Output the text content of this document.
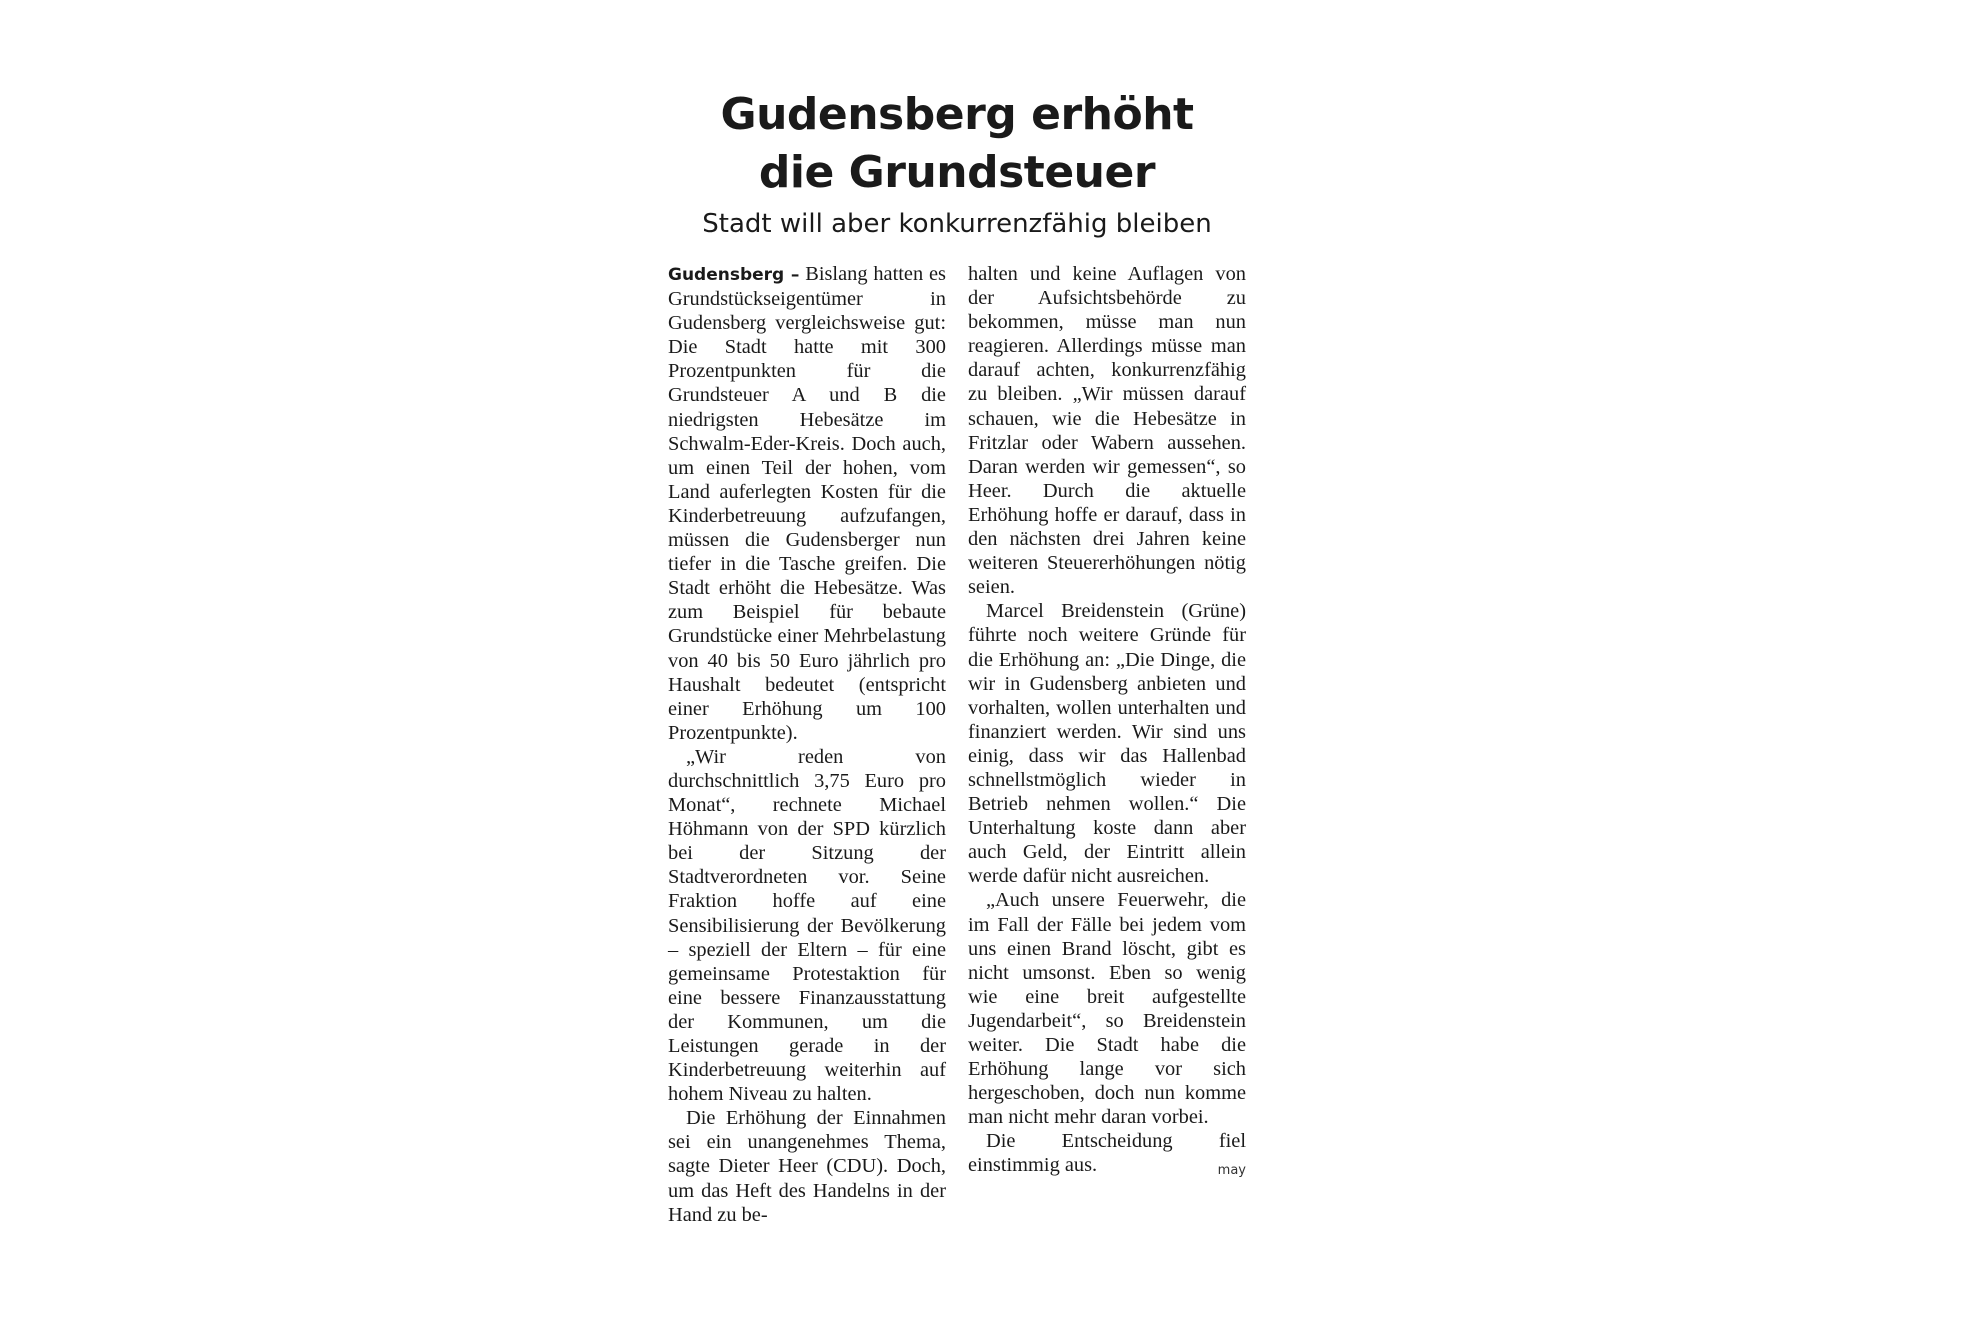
Gudensberg erhöht
die Grundsteuer
Stadt will aber konkurrenzfähig bleiben

Gudensberg – Bislang hatten es Grundstückseigentümer in Gudensberg vergleichsweise gut: Die Stadt hatte mit 300 Prozentpunkten für die Grundsteuer A und B die niedrigsten Hebesätze im Schwalm-Eder-Kreis. Doch auch, um einen Teil der hohen, vom Land auferlegten Kosten für die Kinderbetreuung aufzufangen, müssen die Gudensberger nun tiefer in die Tasche greifen. Die Stadt erhöht die Hebesätze. Was zum Beispiel für bebaute Grundstücke einer Mehrbelastung von 40 bis 50 Euro jährlich pro Haushalt bedeutet (entspricht einer Erhöhung um 100 Prozentpunkte).

„Wir reden von durchschnittlich 3,75 Euro pro Monat“, rechnete Michael Höhmann von der SPD kürzlich bei der Sitzung der Stadtverordneten vor. Seine Fraktion hoffe auf eine Sensibilisierung der Bevölkerung – speziell der Eltern – für eine gemeinsame Protestaktion für eine bessere Finanzausstattung der Kommunen, um die Leistungen gerade in der Kinderbetreuung weiterhin auf hohem Niveau zu halten.

Die Erhöhung der Einnahmen sei ein unangenehmes Thema, sagte Dieter Heer (CDU). Doch, um das Heft des Handelns in der Hand zu be-

halten und keine Auflagen von der Aufsichtsbehörde zu bekommen, müsse man nun reagieren. Allerdings müsse man darauf achten, konkurrenzfähig zu bleiben. „Wir müssen darauf schauen, wie die Hebesätze in Fritzlar oder Wabern aussehen. Daran werden wir gemessen“, so Heer. Durch die aktuelle Erhöhung hoffe er darauf, dass in den nächsten drei Jahren keine weiteren Steuererhöhungen nötig seien.

Marcel Breidenstein (Grüne) führte noch weitere Gründe für die Erhöhung an: „Die Dinge, die wir in Gudensberg anbieten und vorhalten, wollen unterhalten und finanziert werden. Wir sind uns einig, dass wir das Hallenbad schnellstmöglich wieder in Betrieb nehmen wollen.“ Die Unterhaltung koste dann aber auch Geld, der Eintritt allein werde dafür nicht ausreichen.

„Auch unsere Feuerwehr, die im Fall der Fälle bei jedem vom uns einen Brand löscht, gibt es nicht umsonst. Eben so wenig wie eine breit aufgestellte Jugendarbeit“, so Breidenstein weiter. Die Stadt habe die Erhöhung lange vor sich hergeschoben, doch nun komme man nicht mehr daran vorbei.

Die Entscheidung fiel einstimmig aus.	may
